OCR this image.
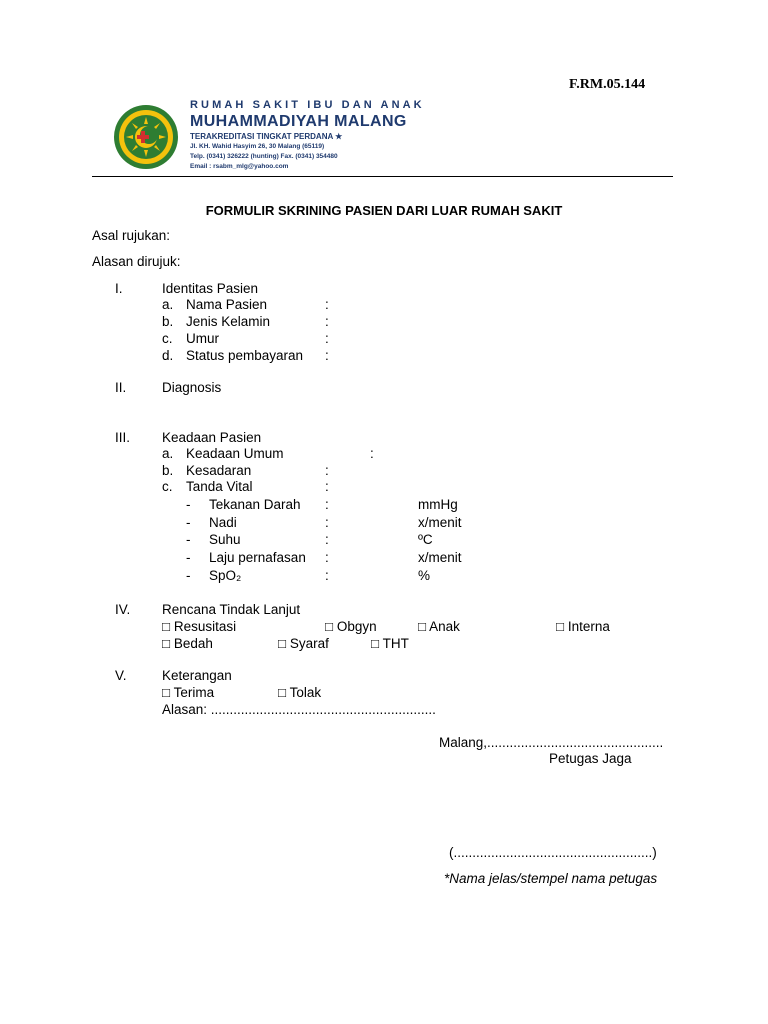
F.RM.05.144
RUMAH SAKIT IBU DAN ANAK
MUHAMMADIYAH MALANG
TERAKREDITASI TINGKAT PERDANA ★
Jl. KH. Wahid Hasyim 26, 30 Malang (65119)
Telp. (0341) 326222 (hunting) Fax. (0341) 354480
Email : rsabm_mlg@yahoo.com
FORMULIR SKRINING PASIEN DARI LUAR RUMAH SAKIT
Asal rujukan:
Alasan dirujuk:
I.	Identitas Pasien
a. Nama Pasien	:
b. Jenis Kelamin	:
c. Umur	:
d. Status pembayaran :
II.	Diagnosis
III. Keadaan Pasien
a. Keadaan Umum	:
b. Kesadaran	:
c. Tanda Vital	:
- Tekanan Darah :	mmHg
- Nadi	:	x/menit
- Suhu	:	ºC
- Laju pernafasan :	x/menit
- SpO₂	:	%
IV. Rencana Tindak Lanjut
□ Resusitasi	□ Obgyn	□ Anak	□ Interna
□ Bedah	□ Syaraf	□ THT
V.	Keterangan
□ Terima	□ Tolak
Alasan: ............................................................
Malang,...............................................
Petugas Jaga
(.....................................................)
*Nama jelas/stempel nama petugas
